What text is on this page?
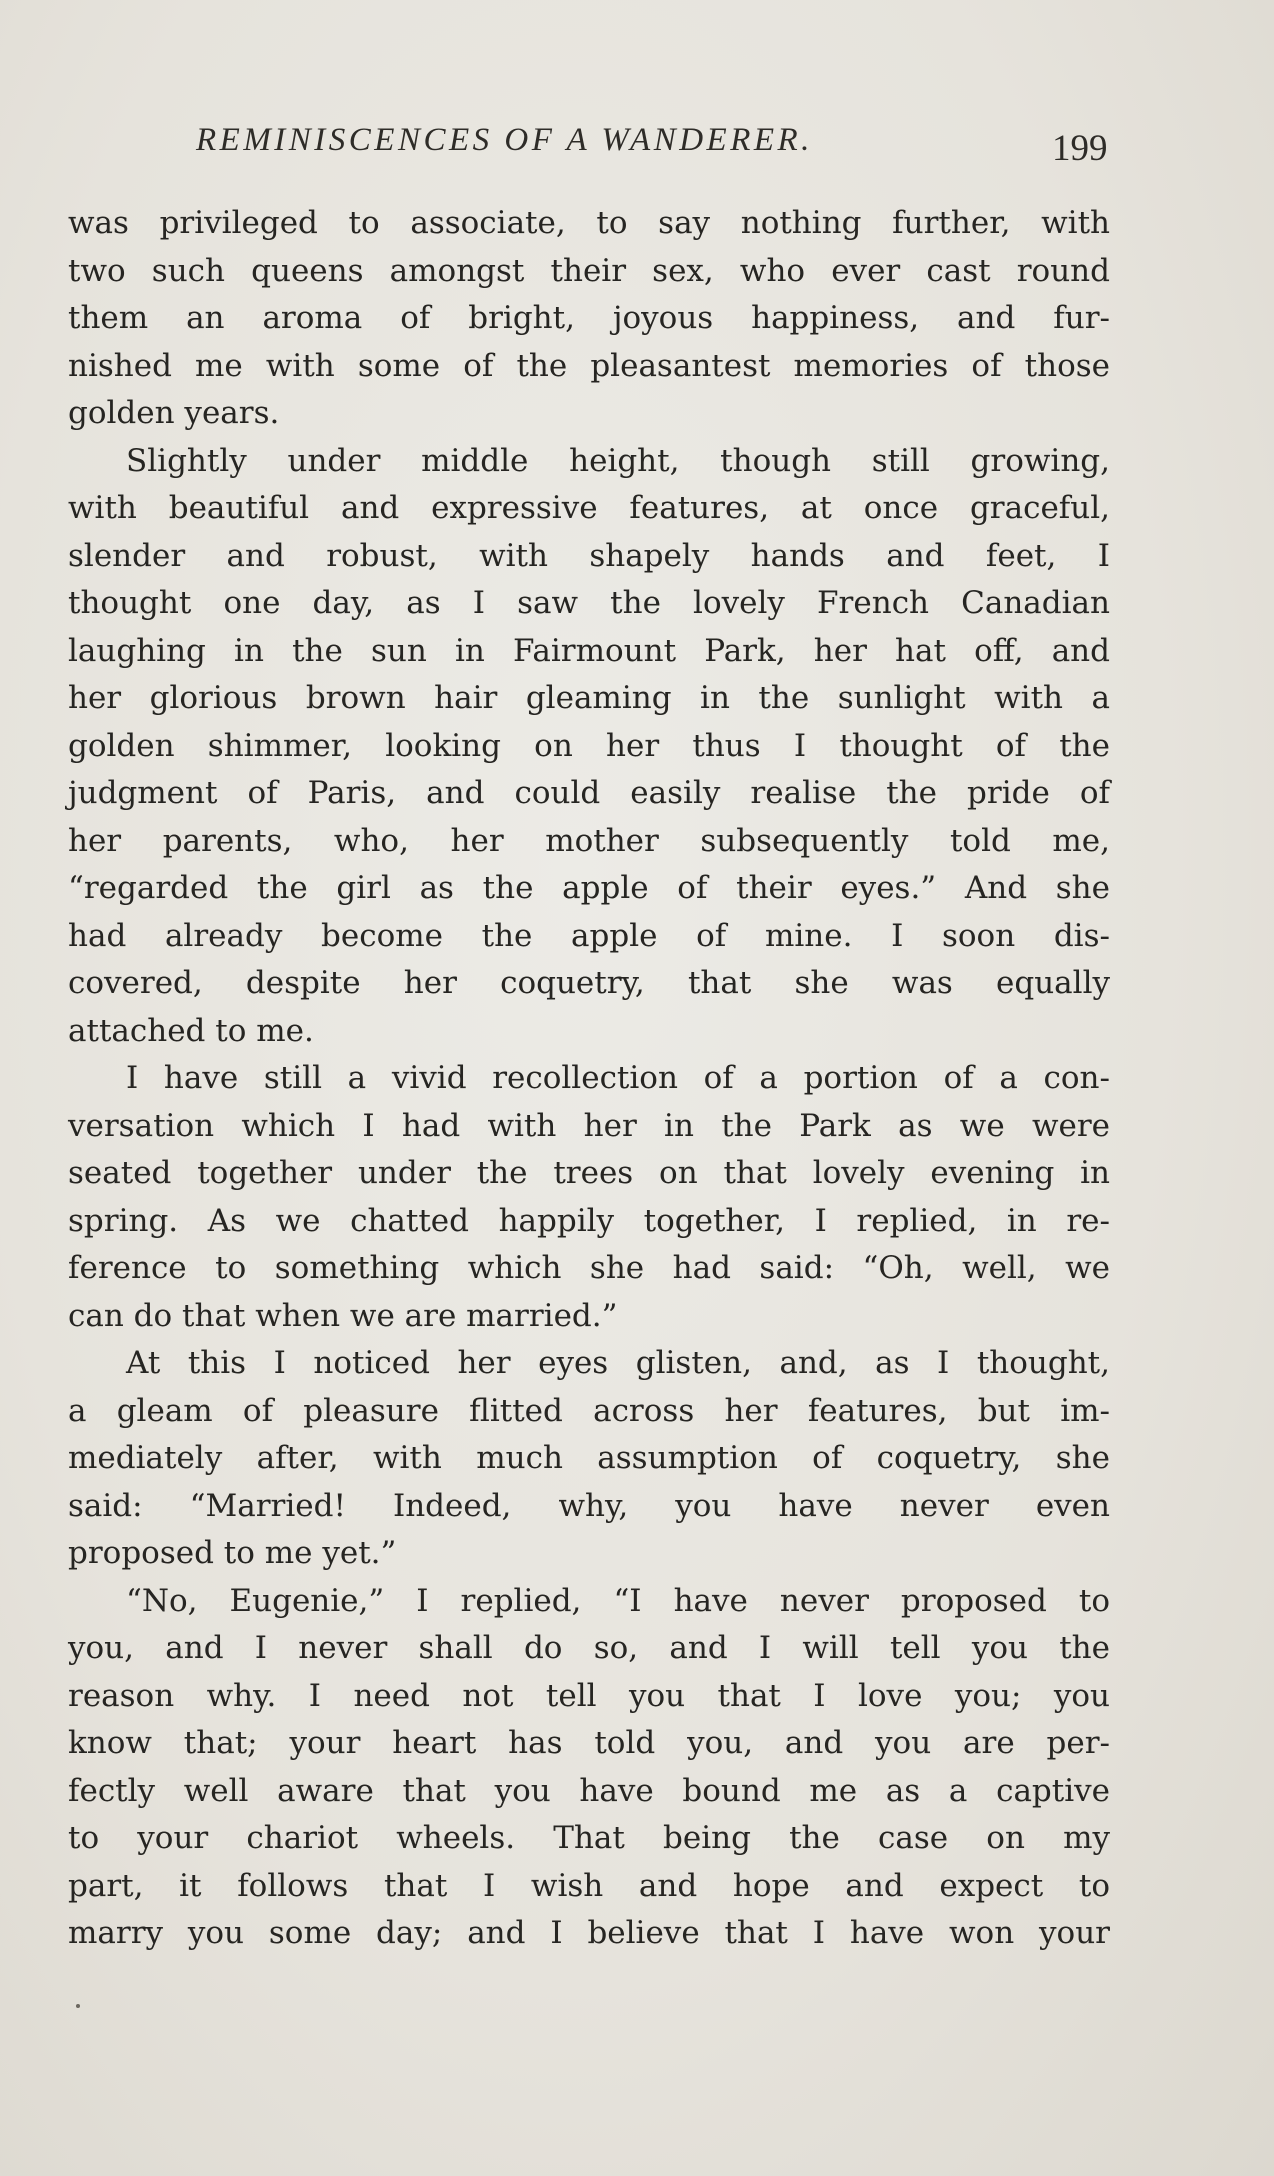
REMINISCENCES OF A WANDERER.	199

was privileged to associate, to say nothing further, with
two such queens amongst their sex, who ever cast round
them an aroma of bright, joyous happiness, and fur-
nished me with some of the pleasantest memories of those
golden years.

Slightly under middle height, though still growing,
with beautiful and expressive features, at once graceful,
slender and robust, with shapely hands and feet, I
thought one day, as I saw the lovely French Canadian
laughing in the sun in Fairmount Park, her hat off, and
her glorious brown hair gleaming in the sunlight with a
golden shimmer, looking on her thus I thought of the
judgment of Paris, and could easily realise the pride of
her parents, who, her mother subsequently told me,
“regarded the girl as the apple of their eyes.” And she
had already become the apple of mine. I soon dis-
covered, despite her coquetry, that she was equally
attached to me.

I have still a vivid recollection of a portion of a con-
versation which I had with her in the Park as we were
seated together under the trees on that lovely evening in
spring. As we chatted happily together, I replied, in re-
ference to something which she had said: “Oh, well, we
can do that when we are married.”

At this I noticed her eyes glisten, and, as I thought,
a gleam of pleasure flitted across her features, but im-
mediately after, with much assumption of coquetry, she
said: “Married! Indeed, why, you have never even
proposed to me yet.”

“No, Eugenie,” I replied, “I have never proposed to
you, and I never shall do so, and I will tell you the
reason why. I need not tell you that I love you; you
know that; your heart has told you, and you are per-
fectly well aware that you have bound me as a captive
to your chariot wheels. That being the case on my
part, it follows that I wish and hope and expect to
marry you some day; and I believe that I have won your
